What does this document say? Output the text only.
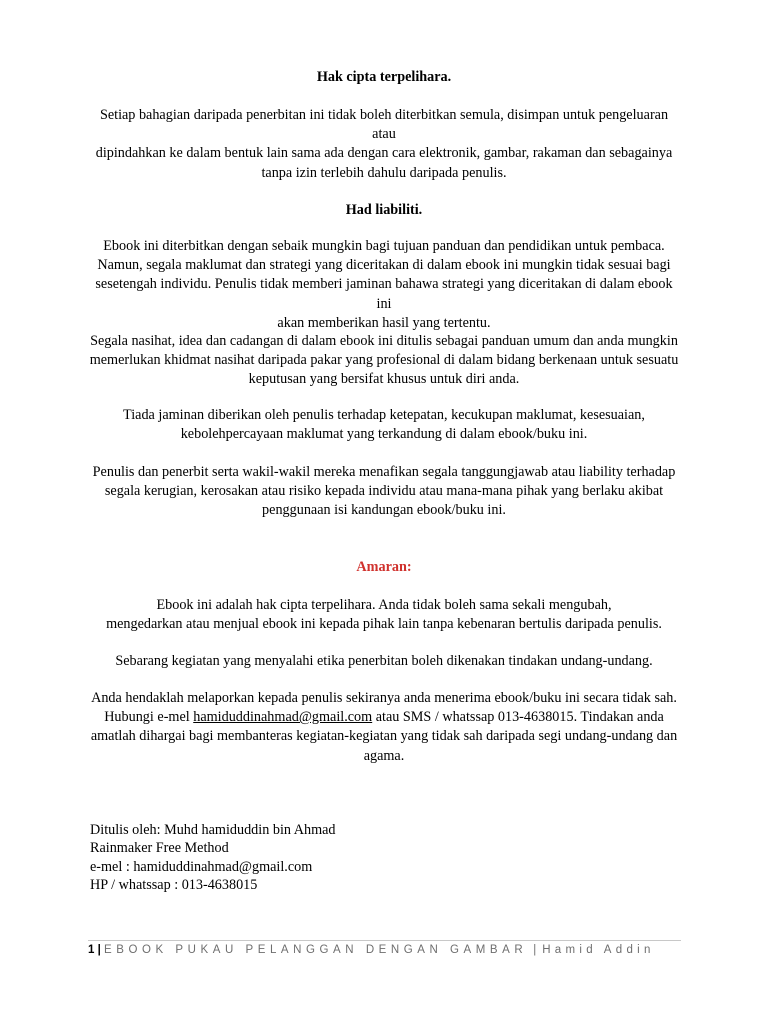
Hak cipta terpelihara.

Setiap bahagian daripada penerbitan ini tidak boleh diterbitkan semula, disimpan untuk pengeluaran atau
dipindahkan ke dalam bentuk lain sama ada dengan cara elektronik, gambar, rakaman dan sebagainya
tanpa izin terlebih dahulu daripada penulis.

Had liabiliti.

Ebook ini diterbitkan dengan sebaik mungkin bagi tujuan panduan dan pendidikan untuk pembaca.
Namun, segala maklumat dan strategi yang diceritakan di dalam ebook ini mungkin tidak sesuai bagi
sesetengah individu. Penulis tidak memberi jaminan bahawa strategi yang diceritakan di dalam ebook ini
akan memberikan hasil yang tertentu.

Segala nasihat, idea dan cadangan di dalam ebook ini ditulis sebagai panduan umum dan anda mungkin
memerlukan khidmat nasihat daripada pakar yang profesional di dalam bidang berkenaan untuk sesuatu
keputusan yang bersifat khusus untuk diri anda.

Tiada jaminan diberikan oleh penulis terhadap ketepatan, kecukupan maklumat, kesesuaian,
kebolehpercayaan maklumat yang terkandung di dalam ebook/buku ini.

Penulis dan penerbit serta wakil-wakil mereka menafikan segala tanggungjawab atau liability terhadap
segala kerugian, kerosakan atau risiko kepada individu atau mana-mana pihak yang berlaku akibat
penggunaan isi kandungan ebook/buku ini.

Amaran:

Ebook ini adalah hak cipta terpelihara. Anda tidak boleh sama sekali mengubah,
mengedarkan atau menjual ebook ini kepada pihak lain tanpa kebenaran bertulis daripada penulis.

Sebarang kegiatan yang menyalahi etika penerbitan boleh dikenakan tindakan undang-undang.

Anda hendaklah melaporkan kepada penulis sekiranya anda menerima ebook/buku ini secara tidak sah.
Hubungi e-mel hamiduddinahmad@gmail.com atau SMS / whatssap 013-4638015. Tindakan anda
amatlah dihargai bagi membanteras kegiatan-kegiatan yang tidak sah daripada segi undang-undang dan
agama.

Ditulis oleh: Muhd hamiduddin bin Ahmad
Rainmaker Free Method
e-mel : hamiduddinahmad@gmail.com
HP / whatssap : 013-4638015
1 | EBOOK PUKAU PELANGGAN DENGAN GAMBAR | Hamid Addin
